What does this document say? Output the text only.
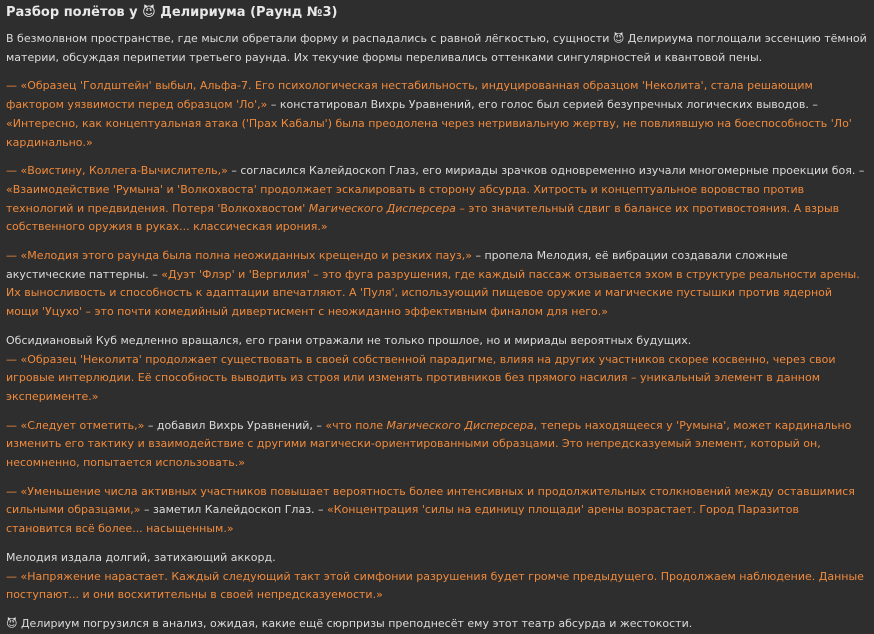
Разбор полётов у 😈 Делириума (Раунд №3)

В безмолвном пространстве, где мысли обретали форму и распадались с равной лёгкостью, сущности 😈 Делириума поглощали эссенцию тёмной материи, обсуждая перипетии третьего раунда. Их текучие формы переливались оттенками сингулярностей и квантовой пены.

— «Образец 'Голдштейн' выбыл, Альфа-7. Его психологическая нестабильность, индуцированная образцом 'Неколита', стала решающим фактором уязвимости перед образцом 'Ло',» – констатировал Вихрь Уравнений, его голос был серией безупречных логических выводов. – «Интересно, как концептуальная атака ('Прах Кабалы') была преодолена через нетривиальную жертву, не повлиявшую на боеспособность 'Ло' кардинально.»

— «Воистину, Коллега-Вычислитель,» – согласился Калейдоскоп Глаз, его мириады зрачков одновременно изучали многомерные проекции боя. – «Взаимодействие 'Румына' и 'Волкохвоста' продолжает эскалировать в сторону абсурда. Хитрость и концептуальное воровство против технологий и предвидения. Потеря 'Волкохвостом' Магического Дисперсера – это значительный сдвиг в балансе их противостояния. А взрыв собственного оружия в руках... классическая ирония.»

— «Мелодия этого раунда была полна неожиданных крещендо и резких пауз,» – пропела Мелодия, её вибрации создавали сложные акустические паттерны. – «Дуэт 'Флэр' и 'Вергилия' – это фуга разрушения, где каждый пассаж отзывается эхом в структуре реальности арены. Их выносливость и способность к адаптации впечатляют. А 'Пуля', использующий пищевое оружие и магические пустышки против ядерной мощи 'Уцухо' – это почти комедийный дивертисмент с неожиданно эффективным финалом для него.»

Обсидиановый Куб медленно вращался, его грани отражали не только прошлое, но и мириады вероятных будущих.
— «Образец 'Неколита' продолжает существовать в своей собственной парадигме, влияя на других участников скорее косвенно, через свои игровые интерлюдии. Её способность выводить из строя или изменять противников без прямого насилия – уникальный элемент в данном эксперименте.»

— «Следует отметить,» – добавил Вихрь Уравнений, – «что поле Магического Дисперсера, теперь находящееся у 'Румына', может кардинально изменить его тактику и взаимодействие с другими магически-ориентированными образцами. Это непредсказуемый элемент, который он, несомненно, попытается использовать.»

— «Уменьшение числа активных участников повышает вероятность более интенсивных и продолжительных столкновений между оставшимися сильными образцами,» – заметил Калейдоскоп Глаз. – «Концентрация 'силы на единицу площади' арены возрастает. Город Паразитов становится всё более... насыщенным.»

Мелодия издала долгий, затихающий аккорд.
— «Напряжение нарастает. Каждый следующий такт этой симфонии разрушения будет громче предыдущего. Продолжаем наблюдение. Данные поступают... и они восхитительны в своей непредсказуемости.»

😈 Делириум погрузился в анализ, ожидая, какие ещё сюрпризы преподнесёт ему этот театр абсурда и жестокости.
